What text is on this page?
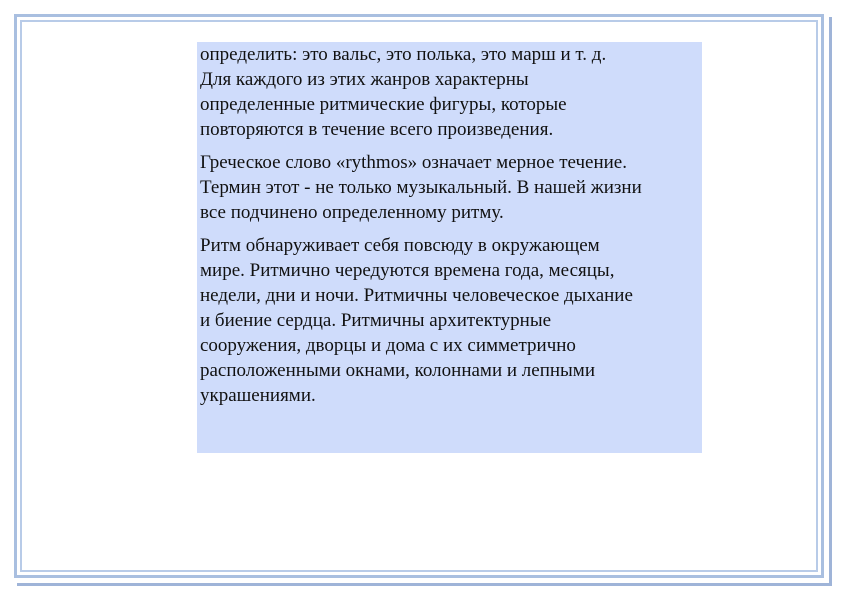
определить: это вальс, это полька, это марш и т. д.
Для каждого из этих жанров характерны
определенные ритмические фигуры, которые
повторяются в течение всего произведения.

Греческое слово «rythmos» означает мерное течение.
Термин этот - не только музыкальный. В нашей жизни
все подчинено определенному ритму.

Ритм обнаруживает себя повсюду в окружающем
мире. Ритмично чередуются времена года, месяцы,
недели, дни и ночи. Ритмичны человеческое дыхание
и биение сердца. Ритмичны архитектурные
сооружения, дворцы и дома с их симметрично
расположенными окнами, колоннами и лепными
украшениями.
